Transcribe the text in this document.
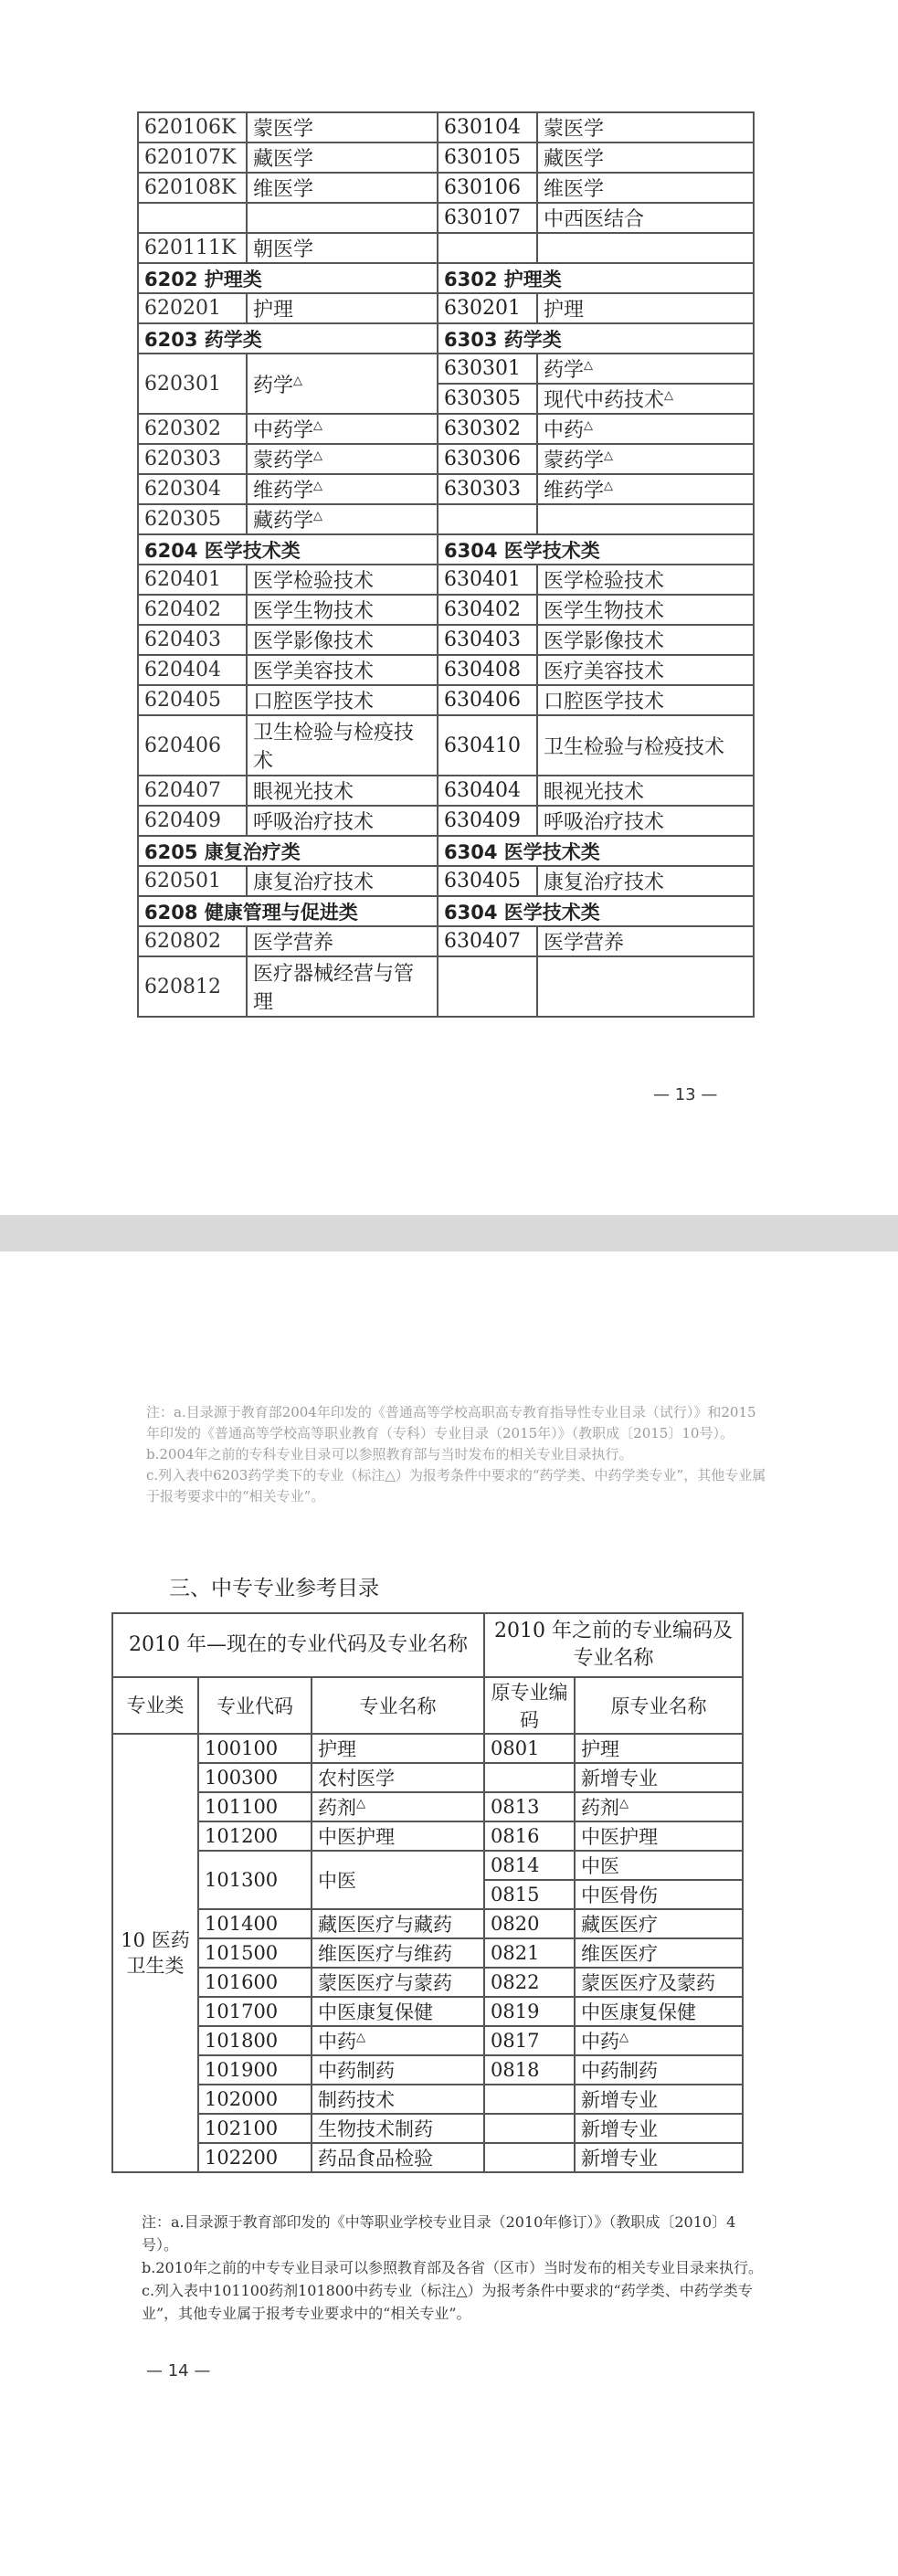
620106K	蒙医学	630104	蒙医学
620107K	藏医学	630105	藏医学
620108K	维医学	630106	维医学
		630107	中西医结合
620111K	朝医学		
6202 护理类		6302 护理类	
620201	护理	630201	护理
6203 药学类		6303 药学类	
620301	药学△	630301	药学△
		630305	现代中药技术△
620302	中药学△	630302	中药△
620303	蒙药学△	630306	蒙药学△
620304	维药学△	630303	维药学△
620305	藏药学△		
6204 医学技术类		6304 医学技术类	
620401	医学检验技术	630401	医学检验技术
620402	医学生物技术	630402	医学生物技术
620403	医学影像技术	630403	医学影像技术
620404	医学美容技术	630408	医疗美容技术
620405	口腔医学技术	630406	口腔医学技术
620406	卫生检验与检疫技术	630410	卫生检验与检疫技术
620407	眼视光技术	630404	眼视光技术
620409	呼吸治疗技术	630409	呼吸治疗技术
6205 康复治疗类		6304 医学技术类	
620501	康复治疗技术	630405	康复治疗技术
6208 健康管理与促进类		6304 医学技术类	
620802	医学营养	630407	医学营养
620812	医疗器械经营与管理		
— 13 —

注：a.目录源于教育部2004年印发的《普通高等学校高职高专教育指导性专业目录（试行）》和2015年印发的《普通高等学校高等职业教育（专科）专业目录（2015年）》（教职成〔2015〕10号）。

b.2004年之前的专科专业目录可以参照教育部与当时发布的相关专业目录执行。

c.列入表中6203药学类下的专业（标注△）为报考条件中要求的“药学类、中药学类专业”，其他专业属于报考要求中的“相关专业”。

三、中专专业参考目录
2010 年—现在的专业代码及专业名称			2010 年之前的专业编码及专业名称	
专业类	专业代码	专业名称	原专业编码	原专业名称
10 医药卫生类	100100	护理	0801	护理
	100300	农村医学		新增专业
	101100	药剂△	0813	药剂△
	101200	中医护理	0816	中医护理
	101300	中医	0814	中医
			0815	中医骨伤
	101400	藏医医疗与藏药	0820	藏医医疗
	101500	维医医疗与维药	0821	维医医疗
	101600	蒙医医疗与蒙药	0822	蒙医医疗及蒙药
	101700	中医康复保健	0819	中医康复保健
	101800	中药△	0817	中药△
	101900	中药制药	0818	中药制药
	102000	制药技术		新增专业
	102100	生物技术制药		新增专业
	102200	药品食品检验		新增专业

注：a.目录源于教育部印发的《中等职业学校专业目录（2010年修订）》（教职成〔2010〕4号）。

b.2010年之前的中专专业目录可以参照教育部及各省（区市）当时发布的相关专业目录来执行。

c.列入表中101100药剂101800中药专业（标注△）为报考条件中要求的“药学类、中药学类专业”，其他专业属于报考专业要求中的“相关专业”。

— 14 —
